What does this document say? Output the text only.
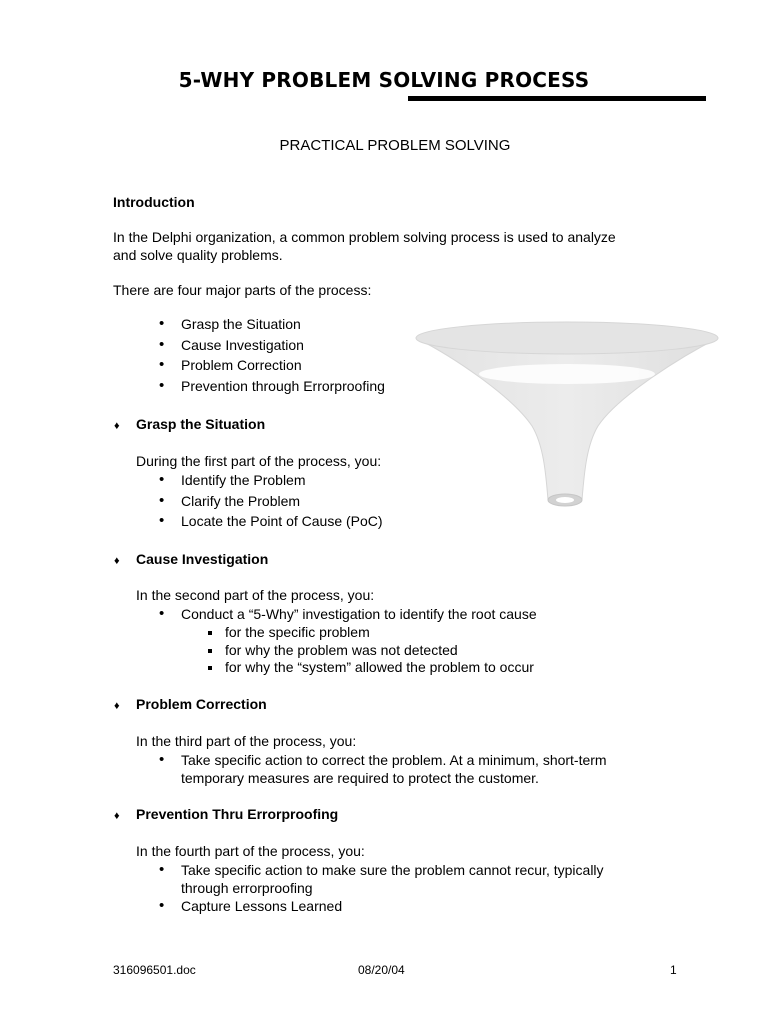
5-WHY PROBLEM SOLVING PROCESS
PRACTICAL PROBLEM SOLVING
Introduction
In the Delphi organization, a common problem solving process is used to analyze
and solve quality problems.
There are four major parts of the process:
• Grasp the Situation
• Cause Investigation
• Problem Correction
• Prevention through Errorproofing
♦ Grasp the Situation
During the first part of the process, you:
• Identify the Problem
• Clarify the Problem
• Locate the Point of Cause (PoC)
♦ Cause Investigation
In the second part of the process, you:
• Conduct a “5-Why” investigation to identify the root cause
for the specific problem
for why the problem was not detected
for why the “system” allowed the problem to occur
♦ Problem Correction
In the third part of the process, you:
• Take specific action to correct the problem. At a minimum, short-term
temporary measures are required to protect the customer.
♦ Prevention Thru Errorproofing
In the fourth part of the process, you:
• Take specific action to make sure the problem cannot recur, typically
through errorproofing
• Capture Lessons Learned
316096501.doc	08/20/04	1
